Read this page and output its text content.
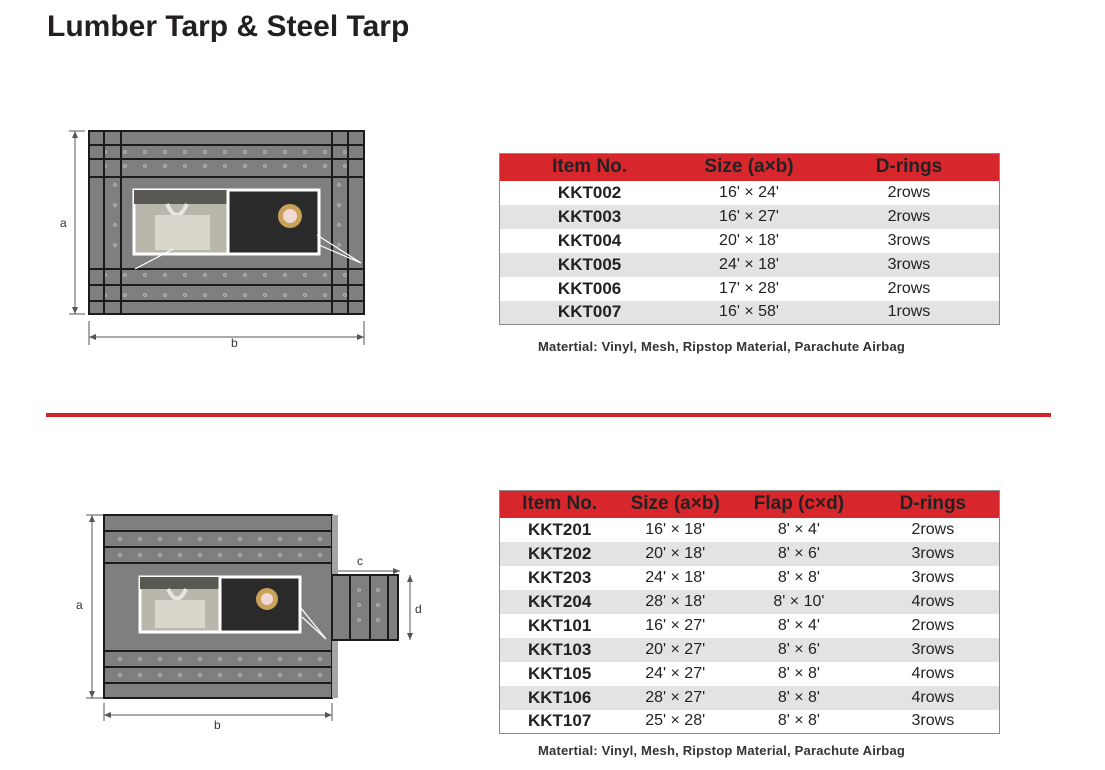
Lumber Tarp & Steel Tarp
a
b
Item No.	Size (a×b)	D-rings
KKT002	16' × 24'	2rows
KKT003	16' × 27'	2rows
KKT004	20' × 18'	3rows
KKT005	24' × 18'	3rows
KKT006	17' × 28'	2rows
KKT007	16' × 58'	1rows
Matertial: Vinyl, Mesh, Ripstop Material, Parachute Airbag
a
b
c
d
Item No.	Size (a×b)	Flap (c×d)	D-rings
KKT201	16' × 18'	8' × 4'	2rows
KKT202	20' × 18'	8' × 6'	3rows
KKT203	24' × 18'	8' × 8'	3rows
KKT204	28' × 18'	8' × 10'	4rows
KKT101	16' × 27'	8' × 4'	2rows
KKT103	20' × 27'	8' × 6'	3rows
KKT105	24' × 27'	8' × 8'	4rows
KKT106	28' × 27'	8' × 8'	4rows
KKT107	25' × 28'	8' × 8'	3rows
Matertial: Vinyl, Mesh, Ripstop Material, Parachute Airbag
